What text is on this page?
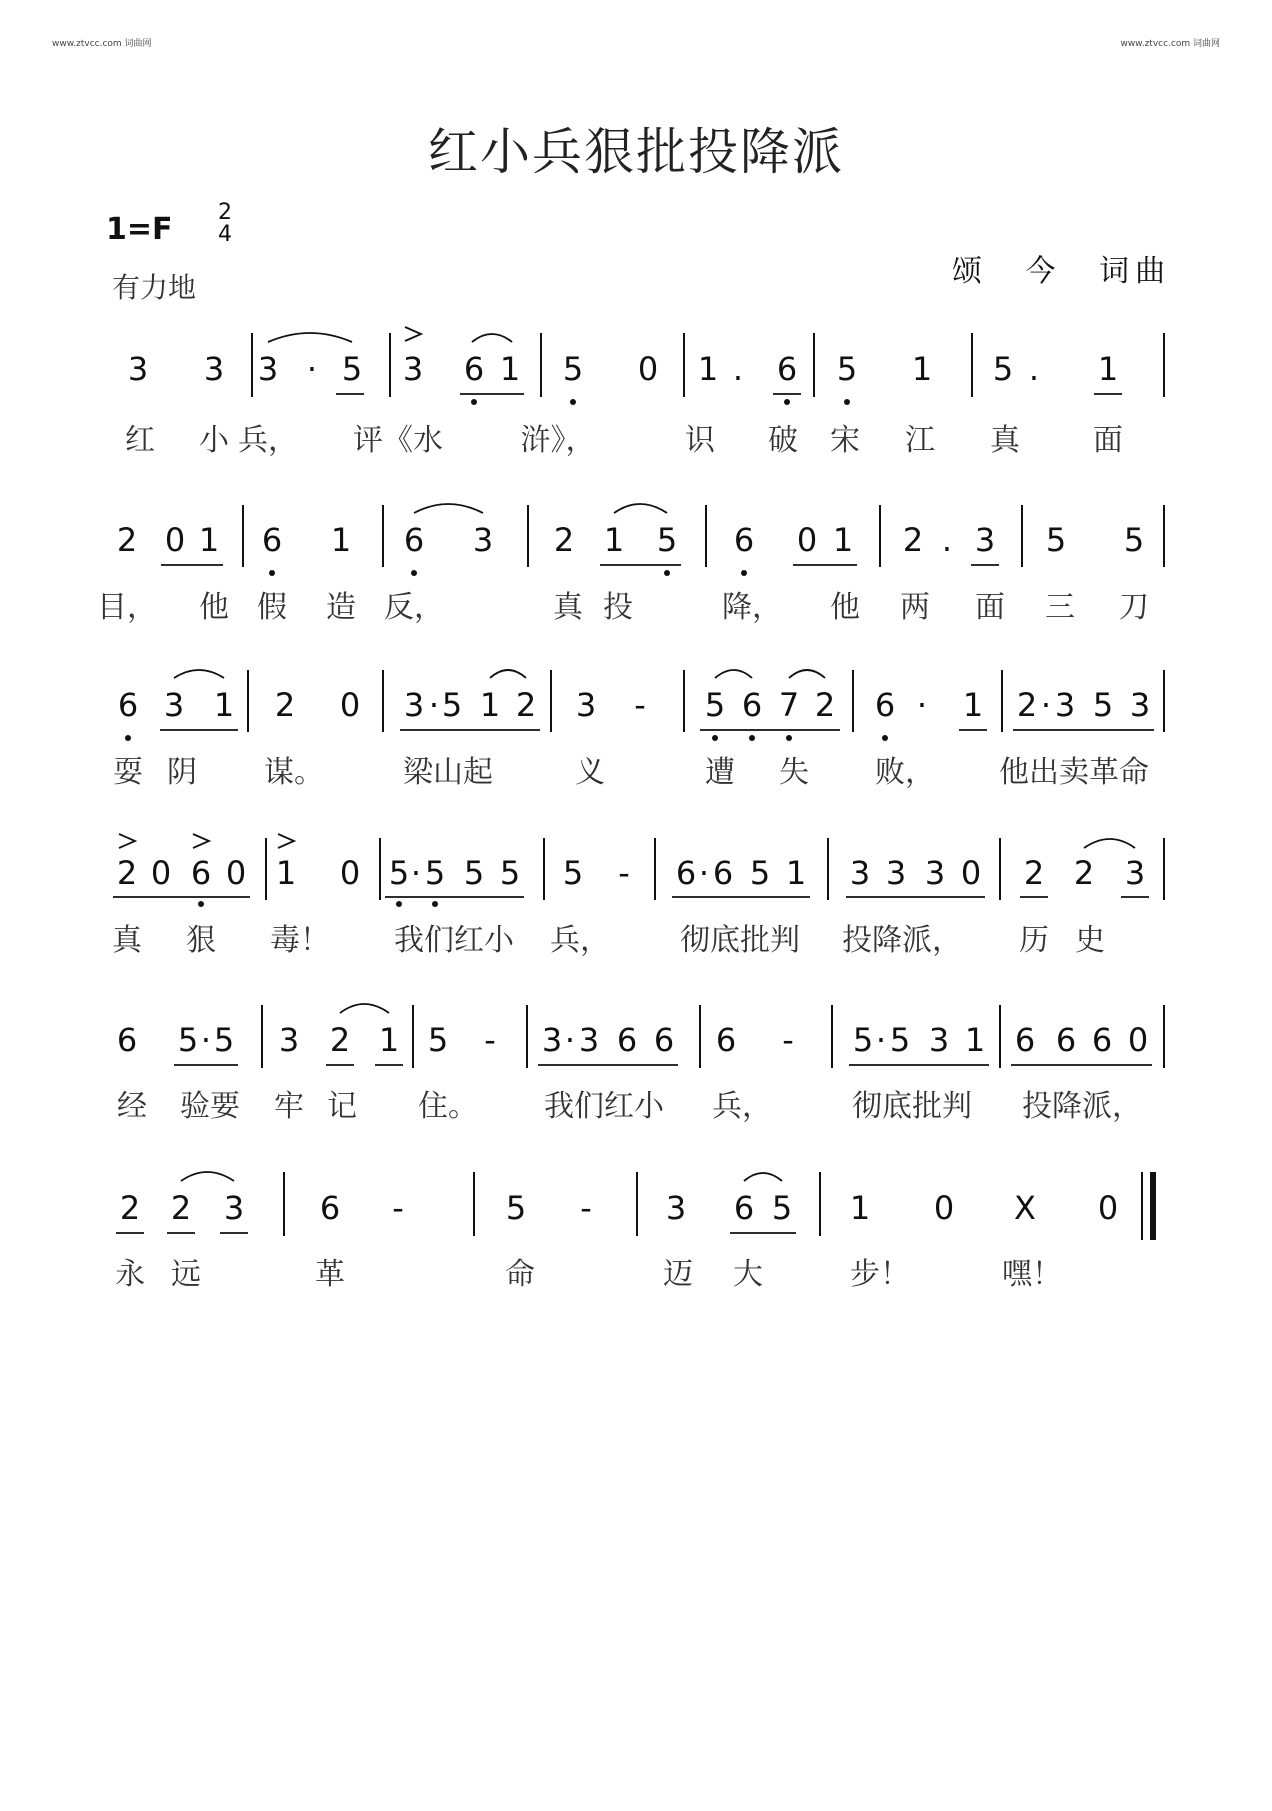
www.ztvcc.com 词曲网	www.ztvcc.com 词曲网
红小兵狠批投降派
1=F 2
4
有力地	颂 今 词曲
3 3 3 · 5 3 6 1 5 0 1 . 6 5 1 5 . 1
红 小 兵， 评《水	浒》，	识 破 宋 江 真 面
2 0 1 6 1 6 3 2 1 5 6 0 1 2 . 3 5 5
目， 他 假 造 反，	真 投	降， 他 两 面 三 刀
6 3 1 2 0 3 · 5 1 2 3 - 5 6 7 2 6 · 1 2 · 3 5 3
耍 阴 谋。	梁山起	义	遭 失 败， 他出卖革命
2 0 6 0 1 0 5 · 5 5 5 5 - 6 · 6 5 1 3 3 3 0 2 2 3
真 狠 毒！ 我们红小 兵， 彻底批判 投降派， 历 史
6 5 · 5 3 2 1 5 - 3 · 3 6 6 6 - 5 · 5 3 1 6 6 6 0
经 验要 牢 记 住。 我们红小 兵，	彻底批判 投降派，
2 2 3 6 -	5 - 3 6 5 1 0 X 0
永 远	革	命	迈 大	步！	嘿！
